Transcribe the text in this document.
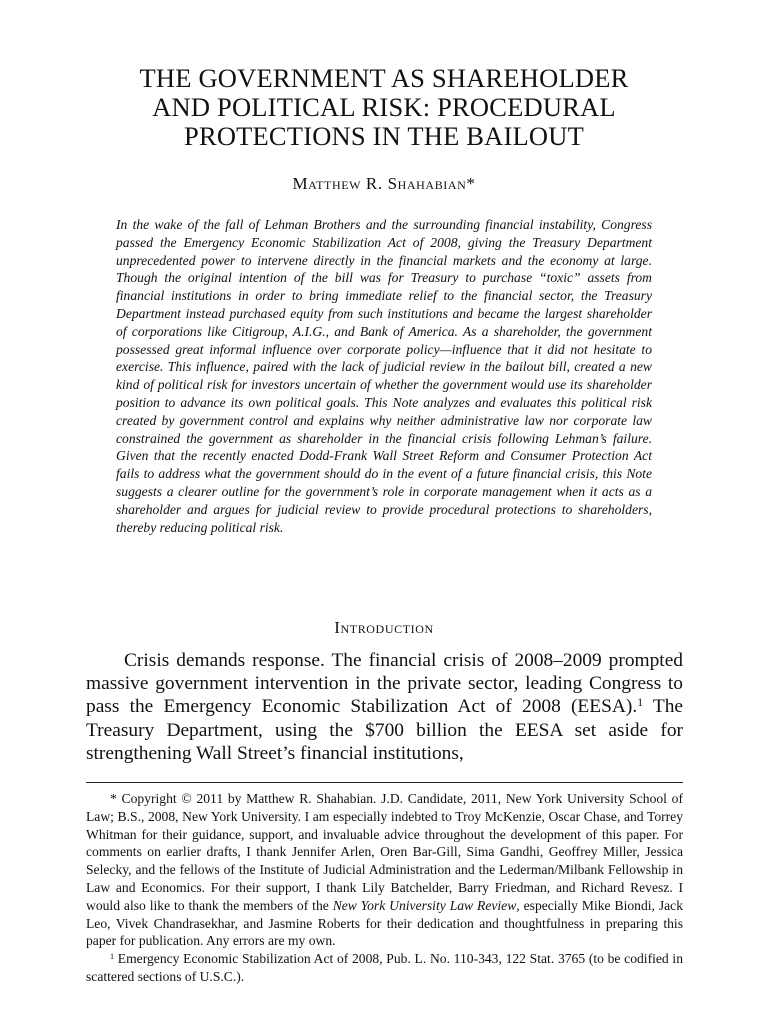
THE GOVERNMENT AS SHAREHOLDER
AND POLITICAL RISK: PROCEDURAL
PROTECTIONS IN THE BAILOUT
Matthew R. Shahabian*

In the wake of the fall of Lehman Brothers and the surrounding financial instability, Congress passed the Emergency Economic Stabilization Act of 2008, giving the Treasury Department unprecedented power to intervene directly in the financial markets and the economy at large. Though the original intention of the bill was for Treasury to purchase “toxic” assets from financial institutions in order to bring immediate relief to the financial sector, the Treasury Department instead purchased equity from such institutions and became the largest shareholder of corporations like Citigroup, A.I.G., and Bank of America. As a shareholder, the government possessed great informal influence over corporate policy—influence that it did not hesitate to exercise. This influence, paired with the lack of judicial review in the bailout bill, created a new kind of political risk for investors uncertain of whether the government would use its shareholder position to advance its own political goals. This Note analyzes and evaluates this political risk created by government control and explains why neither administrative law nor corporate law constrained the government as shareholder in the financial crisis following Lehman’s failure. Given that the recently enacted Dodd-Frank Wall Street Reform and Consumer Protection Act fails to address what the government should do in the event of a future financial crisis, this Note suggests a clearer outline for the government’s role in corporate management when it acts as a shareholder and argues for judicial review to provide procedural protections to shareholders, thereby reducing political risk.

Introduction

Crisis demands response. The financial crisis of 2008–2009 prompted massive government intervention in the private sector, leading Congress to pass the Emergency Economic Stabilization Act of 2008 (EESA).$^1$ The Treasury Department, using the $700 billion the EESA set aside for strengthening Wall Street’s financial institutions,

* Copyright © 2011 by Matthew R. Shahabian. J.D. Candidate, 2011, New York University School of Law; B.S., 2008, New York University. I am especially indebted to Troy McKenzie, Oscar Chase, and Torrey Whitman for their guidance, support, and invaluable advice throughout the development of this paper. For comments on earlier drafts, I thank Jennifer Arlen, Oren Bar-Gill, Sima Gandhi, Geoffrey Miller, Jessica Selecky, and the fellows of the Institute of Judicial Administration and the Lederman/Milbank Fellowship in Law and Economics. For their support, I thank Lily Batchelder, Barry Friedman, and Richard Revesz. I would also like to thank the members of the New York University Law Review, especially Mike Biondi, Jack Leo, Vivek Chandrasekhar, and Jasmine Roberts for their dedication and thoughtfulness in preparing this paper for publication. Any errors are my own.

$^1$ Emergency Economic Stabilization Act of 2008, Pub. L. No. 110-343, 122 Stat. 3765 (to be codified in scattered sections of U.S.C.).
